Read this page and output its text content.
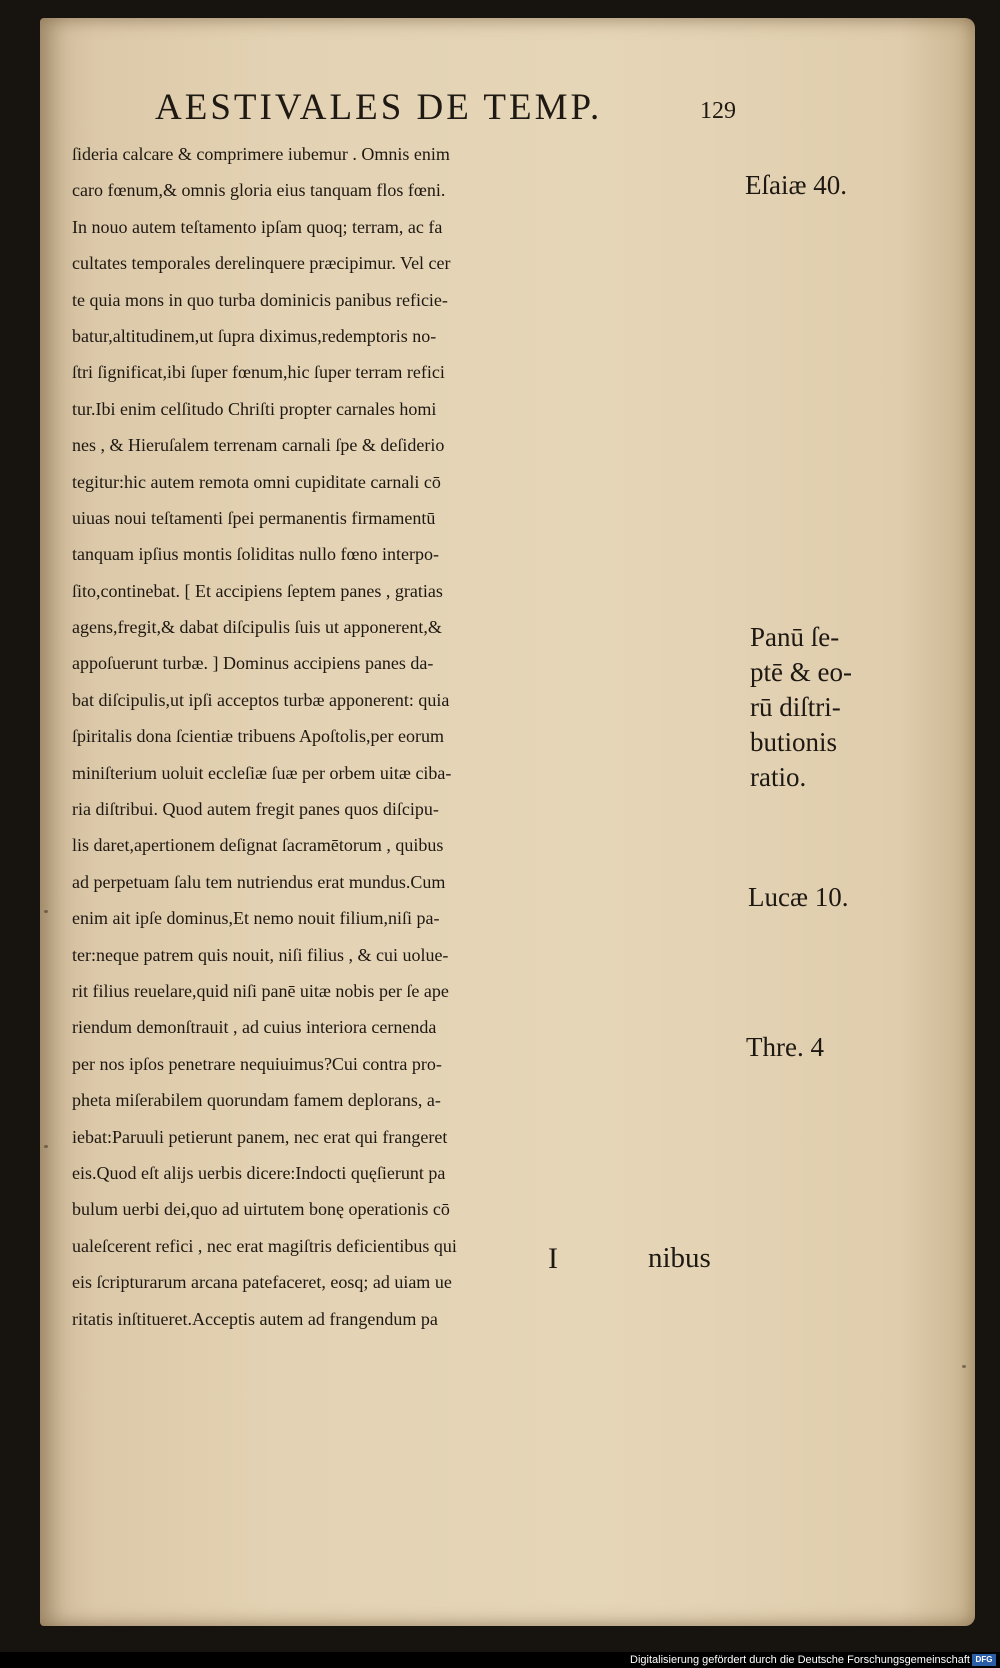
AESTIVALES DE TEMP.	129
ſideria calcare & comprimere iubemur . Omnis enim
caro fœnum,& omnis gloria eius tanquam flos fœni.
In nouo autem teſtamento ipſam quoq; terram, ac fa
cultates temporales derelinquere præcipimur. Vel cer
te quia mons in quo turba dominicis panibus reficie-
batur,altitudinem,ut ſupra diximus,redemptoris no-
ſtri ſignificat,ibi ſuper fœnum,hic ſuper terram refici
tur.Ibi enim celſitudo Chriſti propter carnales homi
nes , & Hieruſalem terrenam carnali ſpe & deſiderio
tegitur:hic autem remota omni cupiditate carnali cō
uiuas noui teſtamenti ſpei permanentis firmamentū
tanquam ipſius montis ſoliditas nullo fœno interpo-
ſito,continebat. [ Et accipiens ſeptem panes , gratias
agens,fregit,& dabat diſcipulis ſuis ut apponerent,&
appoſuerunt turbæ. ] Dominus accipiens panes da-
bat diſcipulis,ut ipſi acceptos turbæ apponerent: quia
ſpiritalis dona ſcientiæ tribuens Apoſtolis,per eorum
miniſterium uoluit eccleſiæ ſuæ per orbem uitæ ciba-
ria diſtribui. Quod autem fregit panes quos diſcipu-
lis daret,apertionem deſignat ſacramētorum , quibus
ad perpetuam ſalu tem nutriendus erat mundus.Cum
enim ait ipſe dominus,Et nemo nouit filium,niſi pa-
ter:neque patrem quis nouit, niſi filius , & cui uolue-
rit filius reuelare,quid niſi panē uitæ nobis per ſe ape
riendum demonſtrauit , ad cuius interiora cernenda
per nos ipſos penetrare nequiuimus?Cui contra pro-
pheta miſerabilem quorundam famem deplorans, a-
iebat:Paruuli petierunt panem, nec erat qui frangeret
eis.Quod eſt alijs uerbis dicere:Indocti quęſierunt pa
bulum uerbi dei,quo ad uirtutem bonę operationis cō
ualeſcerent refici , nec erat magiſtris deficientibus qui
eis ſcripturarum arcana patefaceret, eosq; ad uiam ue
ritatis inſtitueret.Acceptis autem ad frangendum pa
Eſaiæ 40.
Panū ſe-
ptē & eo-
rū diſtri-
butionis
ratio.
Lucæ 10.
Thre. 4
I	nibus
Digitalisierung gefördert durch die Deutsche Forschungsgemeinschaft DFG
